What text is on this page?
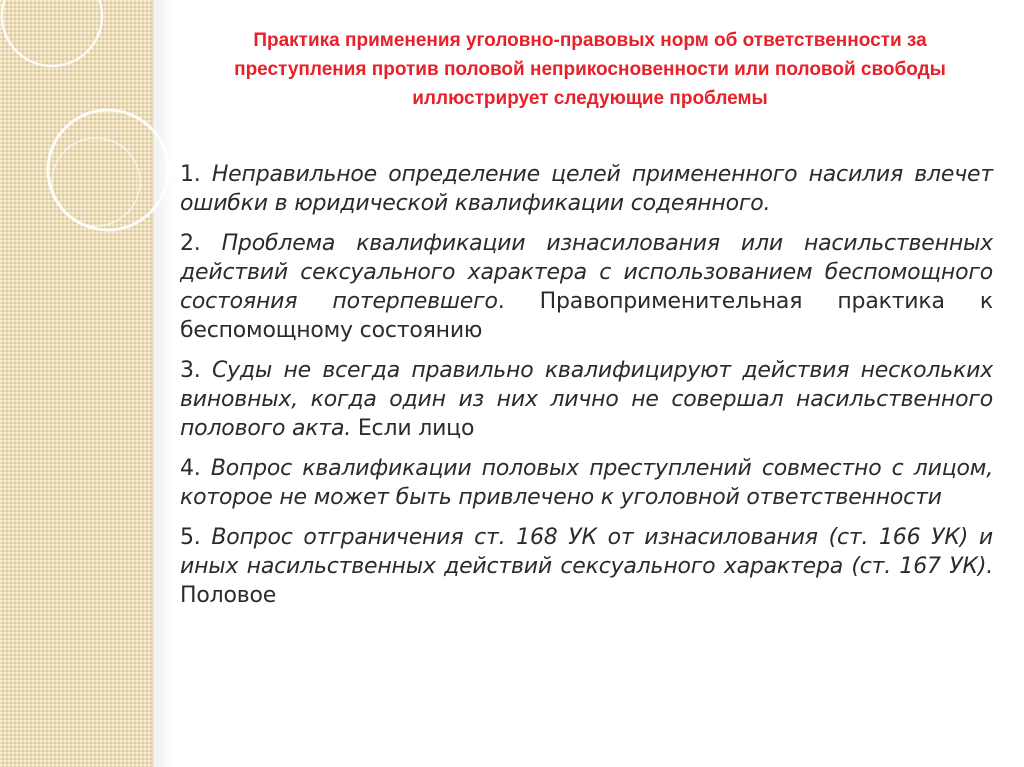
Практика применения уголовно-правовых норм об ответственности за преступления против половой неприкосновенности или половой свободы иллюстрирует следующие проблемы

1. Неправильное определение целей примененного насилия влечет ошибки в юридической квалификации содеянного.

2. Проблема квалификации изнасилования или насильственных действий сексуального характера с использованием беспомощного состояния потерпевшего. Правоприменительная практика к беспомощному состоянию

3. Суды не всегда правильно квалифицируют действия нескольких виновных, когда один из них лично не совершал насильственного полового акта. Если лицо

4. Вопрос квалификации половых преступлений совместно с лицом, которое не может быть привлечено к уголовной ответственности

5. Вопрос отграничения ст. 168 УК от изнасилования (ст. 166 УК) и иных насильственных действий сексуального характера (ст. 167 УК). Половое
